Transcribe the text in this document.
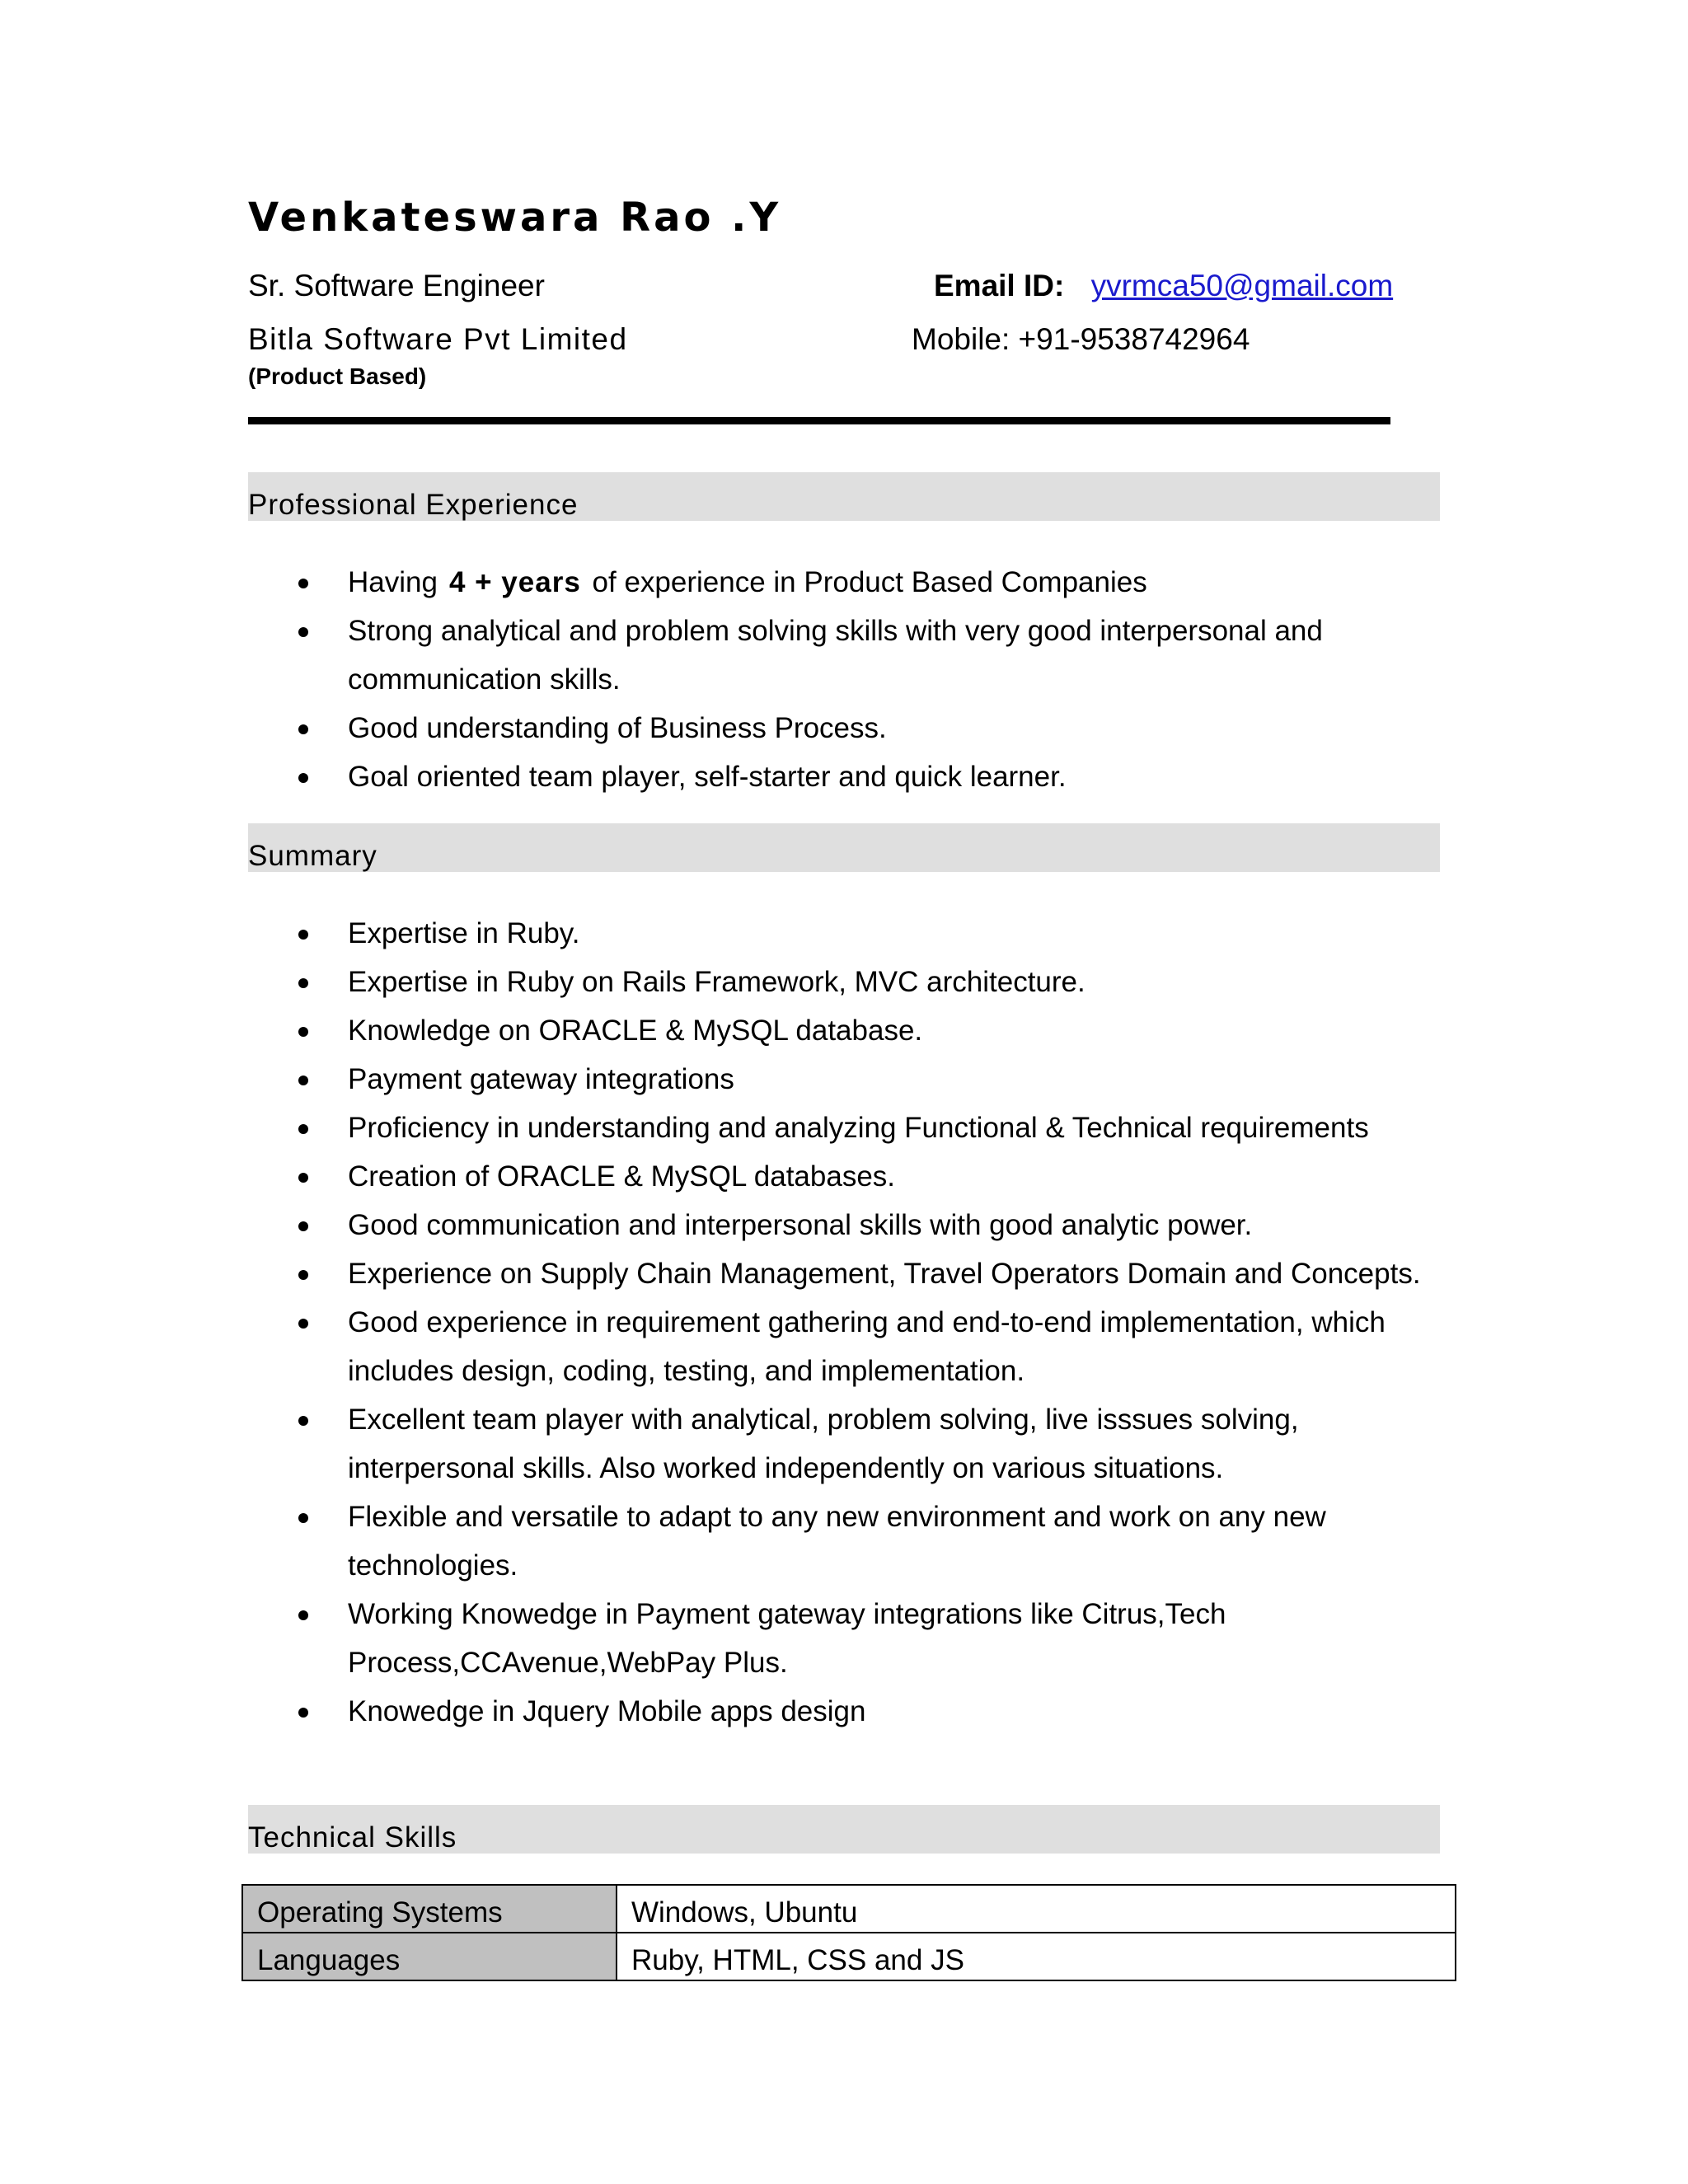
Venkateswara Rao .Y
Sr. Software Engineer
Bitla Software Pvt Limited
(Product Based)
Email ID: yvrmca50@gmail.com
Mobile: +91-9538742964
Professional Experience
Having 4 + years of experience in Product Based Companies
Strong analytical and problem solving skills with very good interpersonal and communication skills.
Good understanding of Business Process.
Goal oriented team player, self-starter and quick learner.
Summary
Expertise in Ruby.
Expertise in Ruby on Rails Framework, MVC architecture.
Knowledge on ORACLE & MySQL database.
Payment gateway integrations
Proficiency in understanding and analyzing Functional & Technical requirements
Creation of ORACLE & MySQL databases.
Good communication and interpersonal skills with good analytic power.
Experience on Supply Chain Management, Travel Operators Domain and Concepts.
Good experience in requirement gathering and end-to-end implementation, which includes design, coding, testing, and implementation.
Excellent team player with analytical, problem solving, live isssues solving, interpersonal skills. Also worked independently on various situations.
Flexible and versatile to adapt to any new environment and work on any new technologies.
Working Knowedge in Payment gateway integrations like Citrus,Tech Process,CCAvenue,WebPay Plus.
Knowedge in Jquery Mobile apps design
Technical Skills
Operating Systems	Windows, Ubuntu
Languages	Ruby, HTML, CSS and JS
